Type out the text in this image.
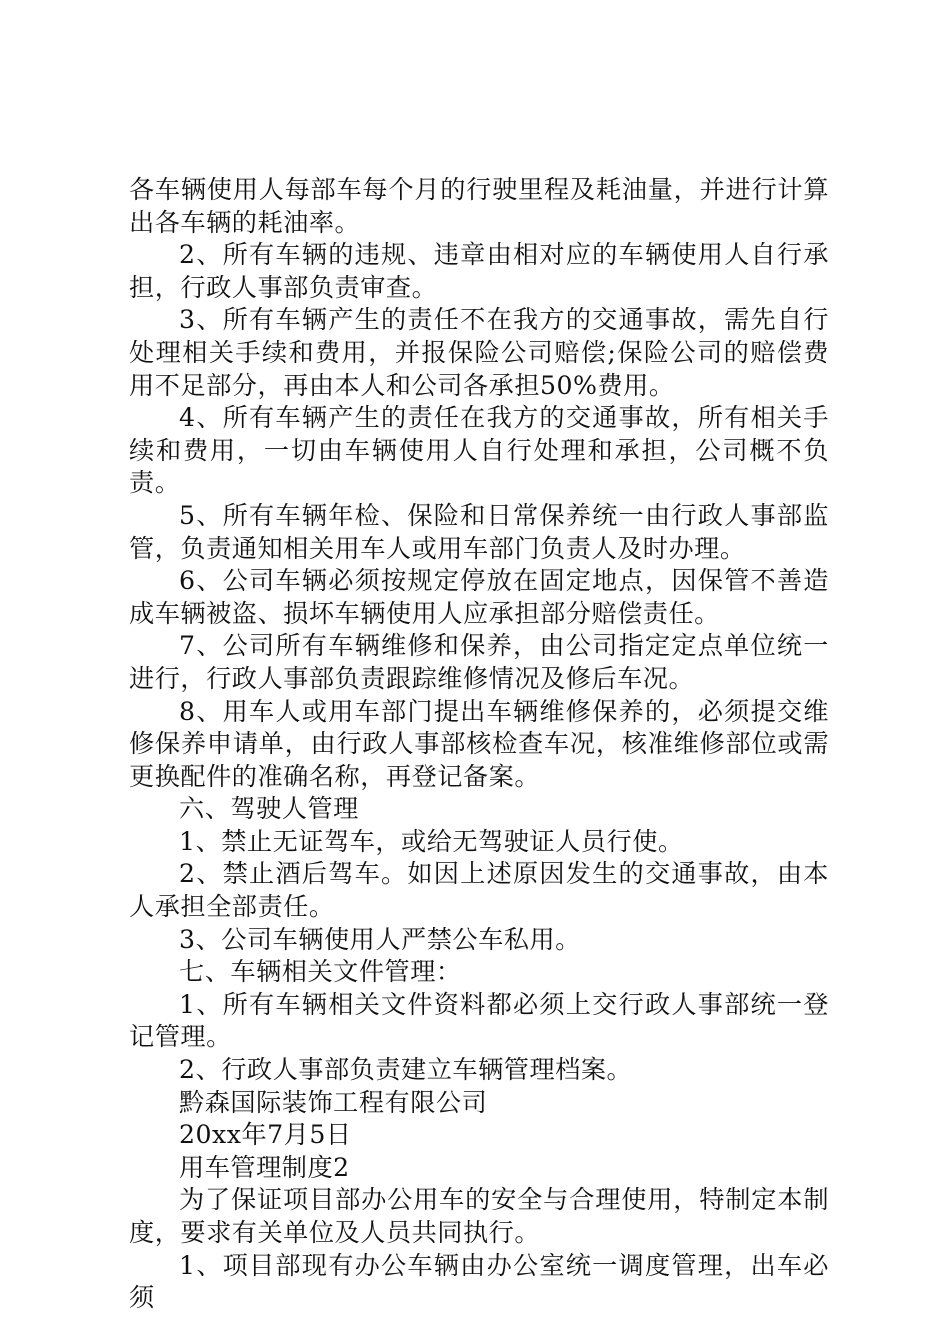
各车辆使用人每部车每个月的行驶里程及耗油量，并进行计算出各车辆的耗油率。

2、所有车辆的违规、违章由相对应的车辆使用人自行承担，行政人事部负责审查。

3、所有车辆产生的责任不在我方的交通事故，需先自行处理相关手续和费用，并报保险公司赔偿;保险公司的赔偿费用不足部分，再由本人和公司各承担50%费用。

4、所有车辆产生的责任在我方的交通事故，所有相关手续和费用，一切由车辆使用人自行处理和承担，公司概不负责。

5、所有车辆年检、保险和日常保养统一由行政人事部监管，负责通知相关用车人或用车部门负责人及时办理。

6、公司车辆必须按规定停放在固定地点，因保管不善造成车辆被盗、损坏车辆使用人应承担部分赔偿责任。

7、公司所有车辆维修和保养，由公司指定定点单位统一进行，行政人事部负责跟踪维修情况及修后车况。

8、用车人或用车部门提出车辆维修保养的，必须提交维修保养申请单，由行政人事部核检查车况，核准维修部位或需更换配件的准确名称，再登记备案。

六、驾驶人管理

1、禁止无证驾车，或给无驾驶证人员行使。

2、禁止酒后驾车。如因上述原因发生的交通事故，由本人承担全部责任。

3、公司车辆使用人严禁公车私用。

七、车辆相关文件管理：

1、所有车辆相关文件资料都必须上交行政人事部统一登记管理。

2、行政人事部负责建立车辆管理档案。

黔森国际装饰工程有限公司

20xx年7月5日

用车管理制度2

为了保证项目部办公用车的安全与合理使用，特制定本制度，要求有关单位及人员共同执行。

1、项目部现有办公车辆由办公室统一调度管理，出车必须
